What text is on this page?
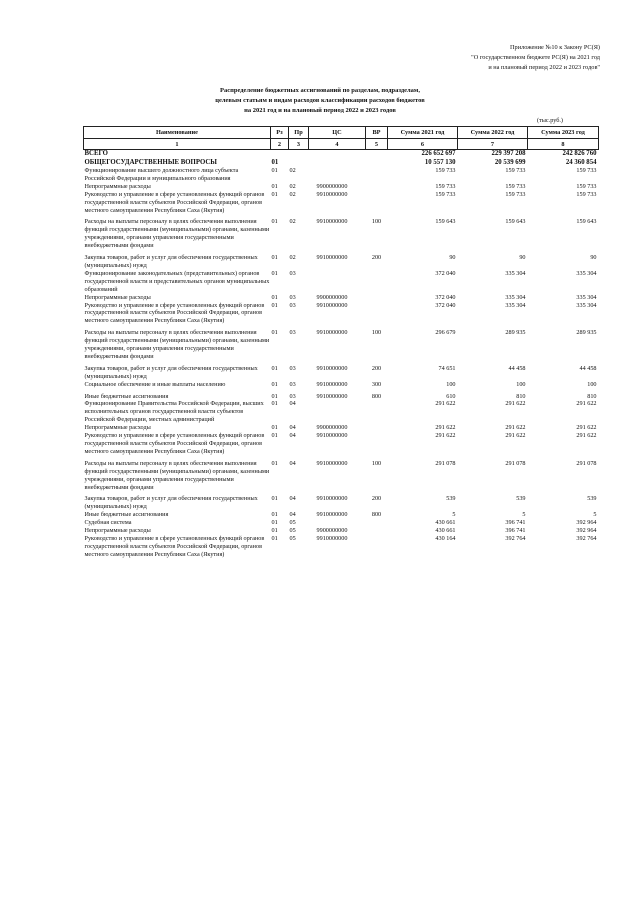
Приложение №10 к Закону РС(Я)
"О государственном бюджете РС(Я) на 2021 год
и на плановый период 2022 и 2023 годов"
Распределение бюджетных ассигнований по разделам, подразделам,
целевым статьям и видам расходов классификации расходов бюджетов
на 2021 год и на плановый период 2022 и 2023 годов
(тыс.руб.)
Наименование	Рз	Пр	ЦС	ВР	Сумма 2021 год	Сумма 2022 год	Сумма 2023 год
1	2	3	4	5	6	7	8
ВСЕГО					226 652 697	229 397 208	242 826 760
ОБЩЕГОСУДАРСТВЕННЫЕ ВОПРОСЫ	01				10 557 130	20 539 699	24 360 854
Функционирование высшего должностного лица субъекта Российской Федерации и муниципального образования	01	02			159 733	159 733	159 733
Непрограммные расходы	01	02	9900000000		159 733	159 733	159 733
Руководство и управление в сфере установленных функций органов государственной власти субъектов Российской Федерации, органов местного самоуправления Республики Саха (Якутия)	01	02	9910000000		159 733	159 733	159 733

Расходы на выплаты персоналу в целях обеспечения выполнения функций государственными (муниципальными) органами, казенными учреждениями, органами управления государственными внебюджетными фондами	01	02	9910000000	100	159 643	159 643	159 643

Закупка товаров, работ и услуг для обеспечения государственных (муниципальных) нужд	01	02	9910000000	200	90	90	90
Функционирование законодательных (представительных) органов государственной власти и представительных органов муниципальных образований	01	03			372 040	335 304	335 304
Непрограммные расходы	01	03	9900000000		372 040	335 304	335 304
Руководство и управление в сфере установленных функций органов государственной власти субъектов Российской Федерации, органов местного самоуправления Республики Саха (Якутия)	01	03	9910000000		372 040	335 304	335 304

Расходы на выплаты персоналу в целях обеспечения выполнения функций государственными (муниципальными) органами, казенными учреждениями, органами управления государственными внебюджетными фондами	01	03	9910000000	100	296 679	289 935	289 935

Закупка товаров, работ и услуг для обеспечения государственных (муниципальных) нужд	01	03	9910000000	200	74 651	44 458	44 458
Социальное обеспечение и иные выплаты населению	01	03	9910000000	300	100	100	100

Иные бюджетные ассигнования	01	03	9910000000	800	610	810	810
Функционирование Правительства Российской Федерации, высших исполнительных органов государственной власти субъектов Российской Федерации, местных администраций	01	04			291 622	291 622	291 622
Непрограммные расходы	01	04	9900000000		291 622	291 622	291 622
Руководство и управление в сфере установленных функций органов государственной власти субъектов Российской Федерации, органов местного самоуправления Республики Саха (Якутия)	01	04	9910000000		291 622	291 622	291 622

Расходы на выплаты персоналу в целях обеспечения выполнения функций государственными (муниципальными) органами, казенными учреждениями, органами управления государственными внебюджетными фондами	01	04	9910000000	100	291 078	291 078	291 078

Закупка товаров, работ и услуг для обеспечения государственных (муниципальных) нужд	01	04	9910000000	200	539	539	539
Иные бюджетные ассигнования	01	04	9910000000	800	5	5	5
Судебная система	01	05			430 661	396 741	392 964
Непрограммные расходы	01	05	9900000000		430 661	396 741	392 964
Руководство и управление в сфере установленных функций органов государственной власти субъектов Российской Федерации, органов местного самоуправления Республики Саха (Якутия)	01	05	9910000000		430 164	392 764	392 764
